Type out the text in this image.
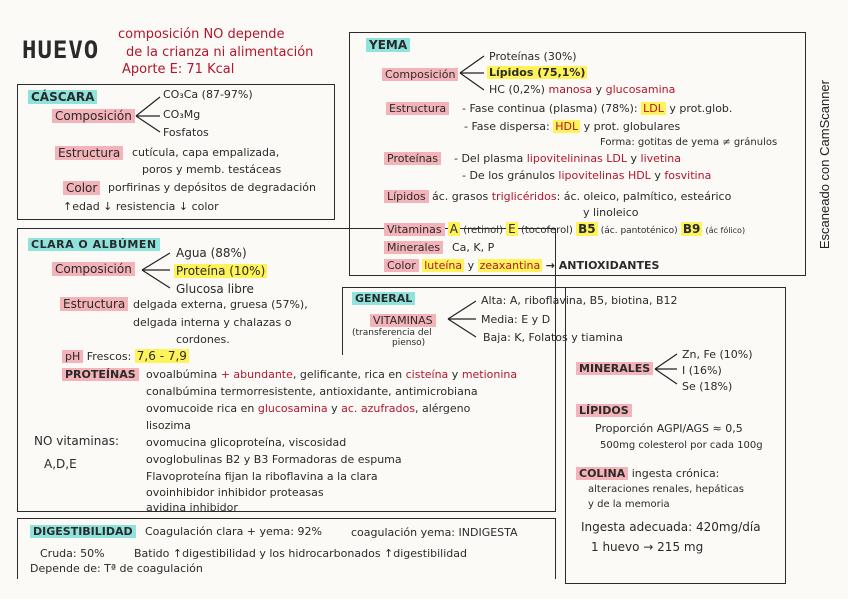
HUEVO
composición NO depende
de la crianza ni alimentación
Aporte E: 71 Kcal
CÁSCARA
Composición
CO₃Ca (87-97%)
CO₃Mg
Fosfatos
Estructura cutícula, capa empalizada,
poros y memb. testáceas
Color porfirinas y depósitos de degradación
↑edad ↓ resistencia ↓ color
CLARA O ALBÚMEN
Composición
Agua (88%)
Proteína (10%)
Glucosa libre
Estructura delgada externa, gruesa (57%),
delgada interna y chalazas o
cordones.
pH Frescos: 7,6 - 7,9
PROTEÍNAS ovoalbúmina + abundante, gelificante, rica en cisteína y metionina
conalbúmina termorresistente, antioxidante, antimicrobiana
ovomucoide rica en glucosamina y ac. azufrados, alérgeno
lisozima
ovomucina glicoproteína, viscosidad
ovoglobulinas B2 y B3 Formadoras de espuma
Flavoproteína fijan la riboflavina a la clara
ovoinhibidor inhibidor proteasas
avidina inhibidor
NO vitaminas:
A,D,E
DIGESTIBILIDAD Coagulación clara + yema: 92%	coagulación yema: INDIGESTA
Cruda: 50%	Batido ↑digestibilidad y los hidrocarbonados ↑digestibilidad
Depende de: Tª de coagulación
YEMA
Composición
Proteínas (30%)
Lípidos (75,1%)
HC (0,2%) manosa y glucosamina
Estructura - Fase continua (plasma) (78%): LDL y prot.glob.
- Fase dispersa: HDL y prot. globulares
Forma: gotitas de yema ≠ gránulos
Proteínas - Del plasma lipovitelininas LDL y livetina
- De los gránulos lipovitelinas HDL y fosvitina
Lípidos ác. grasos triglicéridos: ác. oleico, palmítico, esteárico
y linoleico
Vitaminas A (retinol) E (tocoferol) B5 (ác. pantoténico) B9 (ác fólico)
Minerales Ca, K, P
Color luteína y zeaxantina → ANTIOXIDANTES
GENERAL
VITAMINAS
(transferencia del
pienso)
Alta: A, riboflavina, B5, biotina, B12
Media: E y D
Baja: K, Folatos y tiamina
MINERALES
Zn, Fe (10%)
I (16%)
Se (18%)
LÍPIDOS
Proporción AGPI/AGS ≈ 0,5
500mg colesterol por cada 100g
COLINA ingesta crónica:
alteraciones renales, hepáticas
y de la memoria
Ingesta adecuada: 420mg/día
1 huevo → 215 mg
Escaneado con CamScanner
